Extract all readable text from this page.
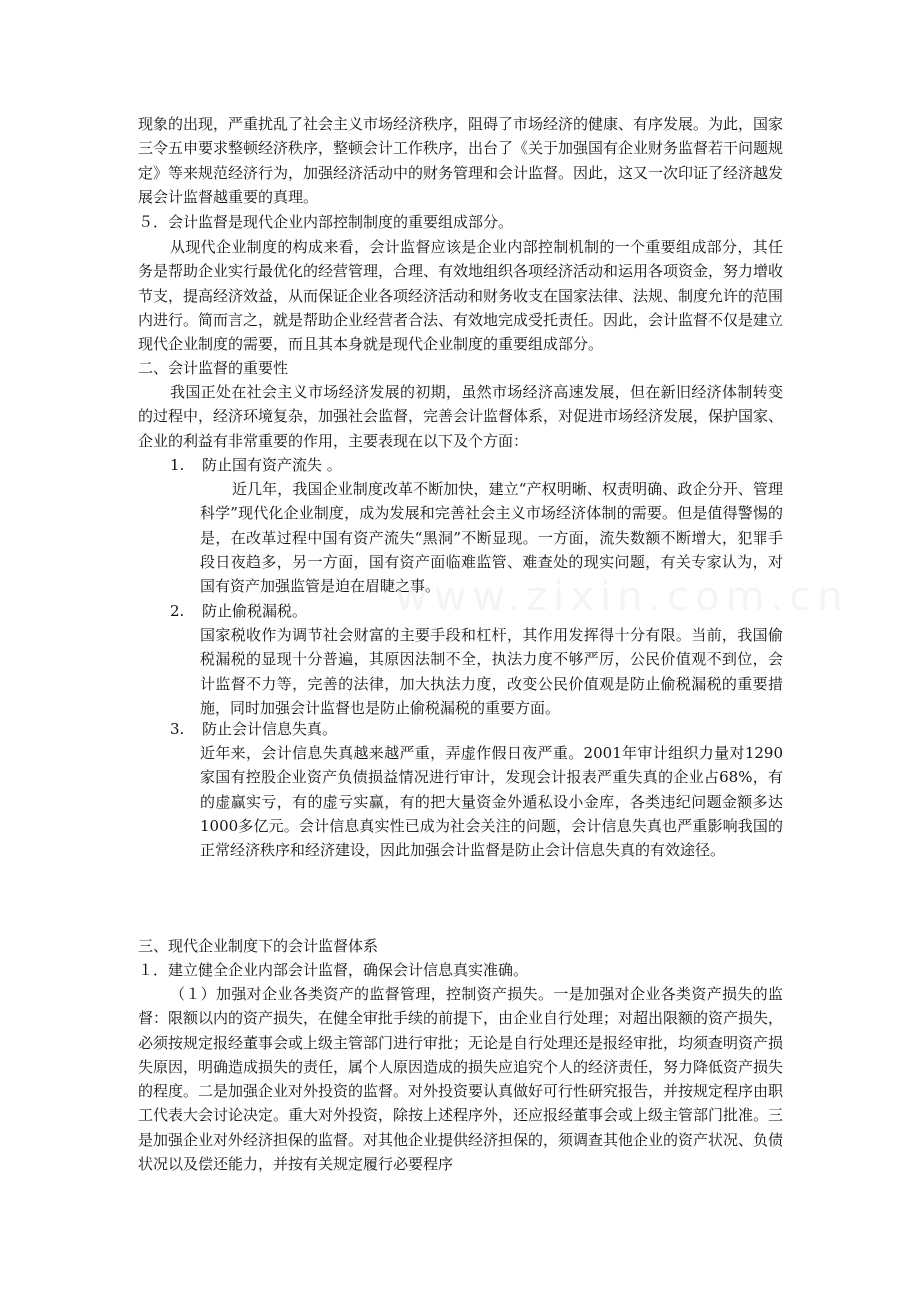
现象的出现，严重扰乱了社会主义市场经济秩序，阻碍了市场经济的健康、有序发展。为此，国家三令五申要求整顿经济秩序，整顿会计工作秩序，出台了《关于加强国有企业财务监督若干问题规定》等来规范经济行为，加强经济活动中的财务管理和会计监督。因此，这又一次印证了经济越发展会计监督越重要的真理。

５．会计监督是现代企业内部控制制度的重要组成部分。

从现代企业制度的构成来看，会计监督应该是企业内部控制机制的一个重要组成部分，其任务是帮助企业实行最优化的经营管理，合理、有效地组织各项经济活动和运用各项资金，努力增收节支，提高经济效益，从而保证企业各项经济活动和财务收支在国家法律、法规、制度允许的范围内进行。简而言之，就是帮助企业经营者合法、有效地完成受托责任。因此，会计监督不仅是建立现代企业制度的需要，而且其本身就是现代企业制度的重要组成部分。

二、会计监督的重要性

我国正处在社会主义市场经济发展的初期，虽然市场经济高速发展，但在新旧经济体制转变的过程中，经济环境复杂，加强社会监督，完善会计监督体系，对促进市场经济发展，保护国家、企业的利益有非常重要的作用，主要表现在以下及个方面：

1. 防止国有资产流失 。

近几年，我国企业制度改革不断加快，建立“产权明晰、权责明确、政企分开、管理科学”现代化企业制度，成为发展和完善社会主义市场经济体制的需要。但是值得警惕的是，在改革过程中国有资产流失“黑洞”不断显现。一方面，流失数额不断增大，犯罪手段日夜趋多，另一方面，国有资产面临难监管、难查处的现实问题，有关专家认为，对国有资产加强监管是迫在眉睫之事。

2. 防止偷税漏税。

国家税收作为调节社会财富的主要手段和杠杆，其作用发挥得十分有限。当前，我国偷税漏税的显现十分普遍，其原因法制不全，执法力度不够严厉，公民价值观不到位，会计监督不力等，完善的法律，加大执法力度，改变公民价值观是防止偷税漏税的重要措施，同时加强会计监督也是防止偷税漏税的重要方面。

3. 防止会计信息失真。

近年来，会计信息失真越来越严重，弄虚作假日夜严重。2001年审计组织力量对1290家国有控股企业资产负债损益情况进行审计，发现会计报表严重失真的企业占68%，有的虚赢实亏，有的虚亏实赢，有的把大量资金外遁私设小金库，各类违纪问题金额多达1000多亿元。会计信息真实性已成为社会关注的问题，会计信息失真也严重影响我国的正常经济秩序和经济建设，因此加强会计监督是防止会计信息失真的有效途径。

三、现代企业制度下的会计监督体系

１．建立健全企业内部会计监督，确保会计信息真实准确。

（１）加强对企业各类资产的监督管理，控制资产损失。一是加强对企业各类资产损失的监督：限额以内的资产损失，在健全审批手续的前提下，由企业自行处理；对超出限额的资产损失，必须按规定报经董事会或上级主管部门进行审批；无论是自行处理还是报经审批，均须查明资产损失原因，明确造成损失的责任，属个人原因造成的损失应追究个人的经济责任，努力降低资产损失的程度。二是加强企业对外投资的监督。对外投资要认真做好可行性研究报告，并按规定程序由职工代表大会讨论决定。重大对外投资，除按上述程序外，还应报经董事会或上级主管部门批准。三是加强企业对外经济担保的监督。对其他企业提供经济担保的，须调查其他企业的资产状况、负债状况以及偿还能力，并按有关规定履行必要程序
